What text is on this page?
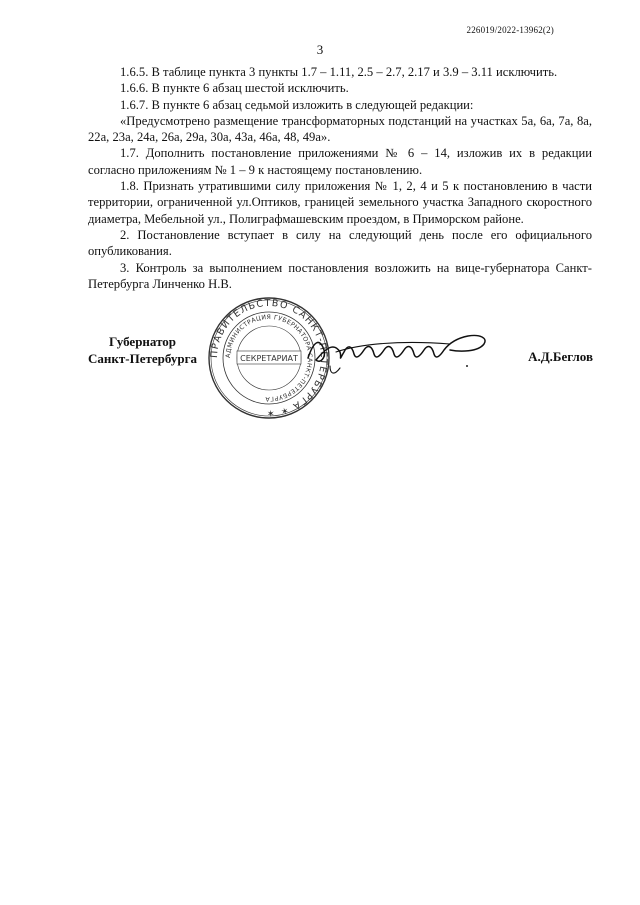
226019/2022-13962(2)
3

1.6.5. В таблице пункта 3 пункты 1.7 – 1.11, 2.5 – 2.7, 2.17 и 3.9 – 3.11 исключить.

1.6.6. В пункте 6 абзац шестой исключить.

1.6.7. В пункте 6 абзац седьмой изложить в следующей редакции:

«Предусмотрено размещение трансформаторных подстанций на участках 5а, 6а, 7а, 8а, 22а, 23а, 24а, 26а, 29а, 30а, 43а, 46а, 48, 49а».

1.7. Дополнить постановление приложениями № 6 – 14, изложив их в редакции согласно приложениям № 1 – 9 к настоящему постановлению.

1.8. Признать утратившими силу приложения № 1, 2, 4 и 5 к постановлению в части территории, ограниченной ул.Оптиков, границей земельного участка Западного скоростного диаметра, Мебельной ул., Полиграфмашевским проездом, в Приморском районе.

2. Постановление вступает в силу на следующий день после его официального опубликования.

3. Контроль за выполнением постановления возложить на вице-губернатора Санкт-Петербурга Линченко Н.В.

Губернатор
Санкт-Петербурга ПРАВИТЕЛЬСТВО САНКТ-ПЕТЕРБУРГА ✶ ✶
АДМИНИСТРАЦИЯ ГУБЕРНАТОРА САНКТ-ПЕТЕРБУРГА
СЕКРЕТАРИАТ	А.Д.Беглов
